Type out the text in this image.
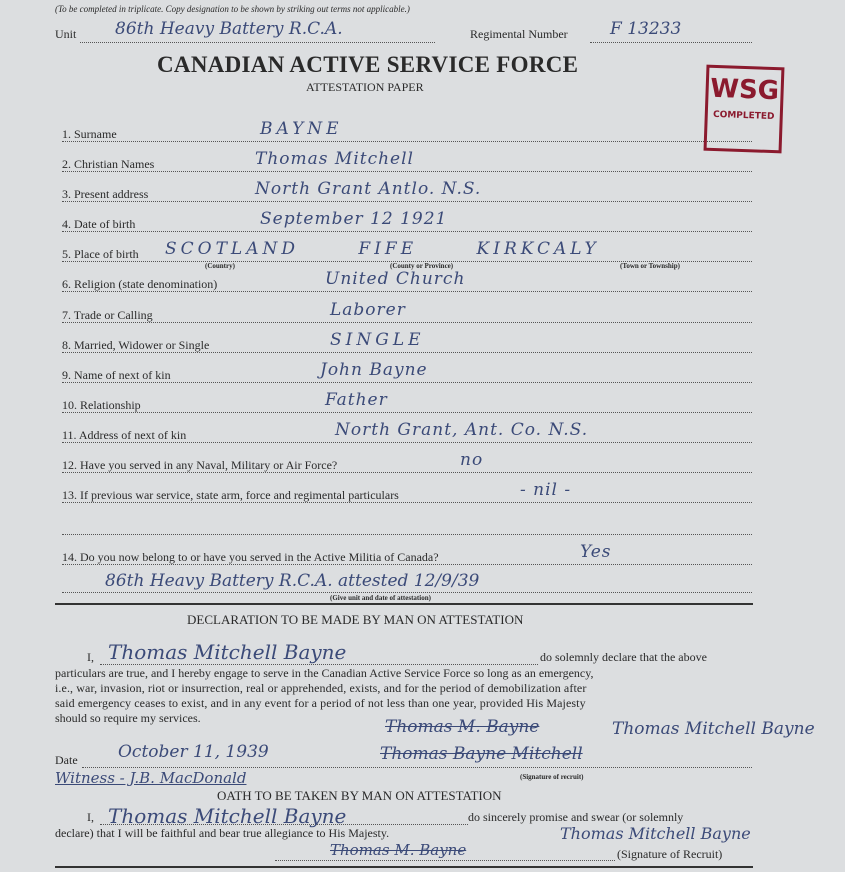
(To be completed in triplicate. Copy designation to be shown by striking out terms not applicable.)
Unit 86th Heavy Battery R.C.A.	Regimental Number F 13233
CANADIAN ACTIVE SERVICE FORCE
ATTESTATION PAPER	WSG
COMPLETED
1. Surname	BAYNE
2. Christian Names	Thomas Mitchell
3. Present address	North Grant Antlo. N.S.
4. Date of birth	September 12 1921
5. Place of birth SCOTLAND FIFE KIRKCALY
6. Religion (state denomination)	United Church
7. Trade or Calling	Laborer
8. Married, Widower or Single	SINGLE
9. Name of next of kin	John Bayne
10. Relationship	Father
11. Address of next of kin	North Grant, Ant. Co. N.S.
12. Have you served in any Naval, Military or Air Force?	no
13. If previous war service, state arm, force and regimental particulars	- nil -
14. Do you now belong to or have you served in the Active Militia of Canada?	Yes
(Country)	(County or Province)	(Town or Township)
86th Heavy Battery R.C.A. attested 12/9/39
(Give unit and date of attestation)
DECLARATION TO BE MADE BY MAN ON ATTESTATION
I, Thomas Mitchell Bayne	do solemnly declare that the above
particulars are true, and I hereby engage to serve in the Canadian Active Service Force so long as an emergency,
i.e., war, invasion, riot or insurrection, real or apprehended, exists, and for the period of demobilization after
said emergency ceases to exist, and in any event for a period of not less than one year, provided His Majesty
should so require my services.	Thomas M. Bayne	Thomas Mitchell Bayne
Date October 11, 1939	Thomas Bayne Mitchell
Witness - J.B. MacDonald	(Signature of recruit)
OATH TO BE TAKEN BY MAN ON ATTESTATION
I, Thomas Mitchell Bayne	do sincerely promise and swear (or solemnly
declare) that I will be faithful and bear true allegiance to His Majesty.
Thomas M. Bayne
Thomas Mitchell Bayne
(Signature of Recruit)
